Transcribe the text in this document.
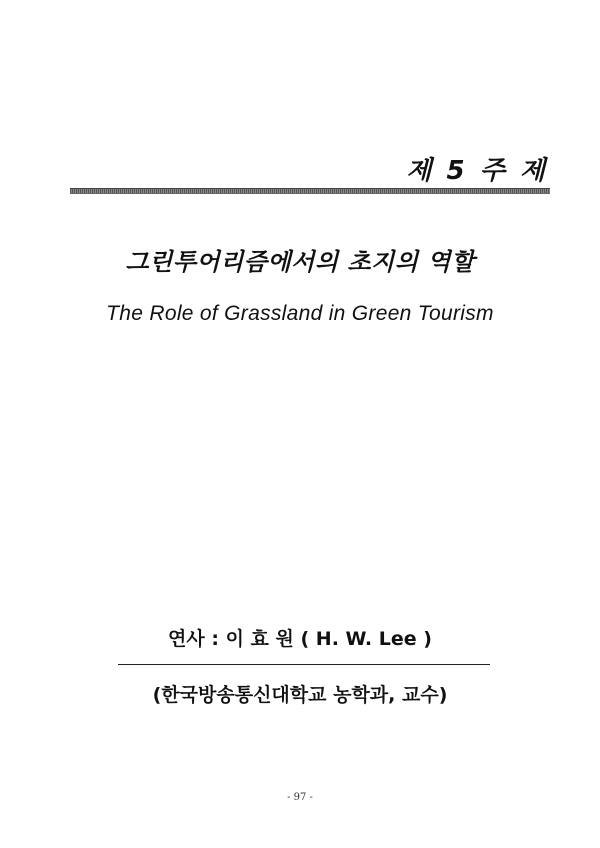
제 5 주 제
그린투어리즘에서의 초지의 역할
The Role of Grassland in Green Tourism
연사 : 이 효 원 ( H. W. Lee )
(한국방송통신대학교 농학과, 교수)
- 97 -
